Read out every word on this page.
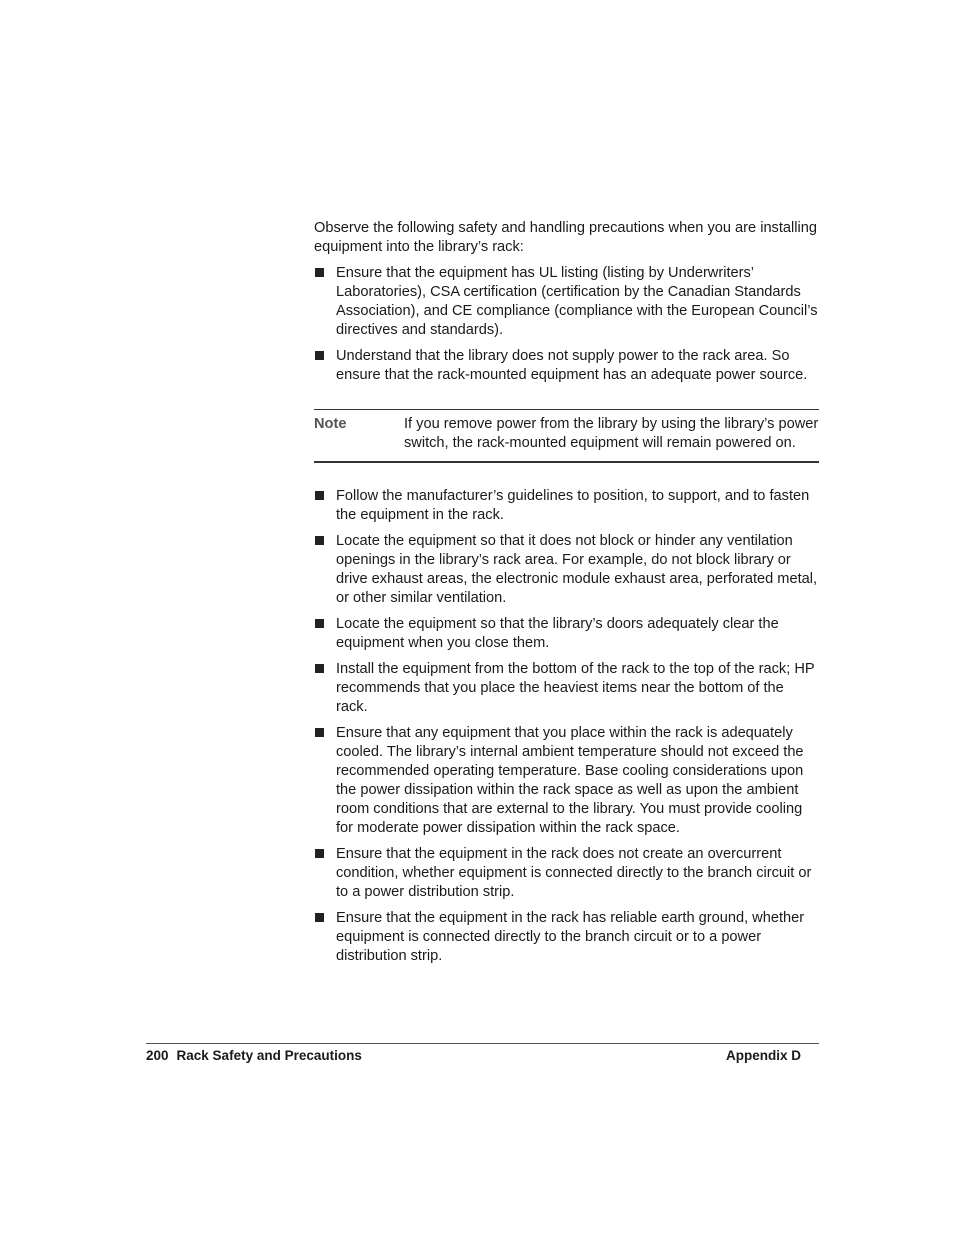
Observe the following safety and handling precautions when you are installing equipment into the library’s rack:

Ensure that the equipment has UL listing (listing by Underwriters’ Laboratories), CSA certification (certification by the Canadian Standards Association), and CE compliance (compliance with the European Council’s directives and standards).
Understand that the library does not supply power to the rack area. So ensure that the rack-mounted equipment has an adequate power source.
Note	If you remove power from the library by using the library’s power switch, the rack-mounted equipment will remain powered on.
Follow the manufacturer’s guidelines to position, to support, and to fasten the equipment in the rack.
Locate the equipment so that it does not block or hinder any ventilation openings in the library’s rack area. For example, do not block library or drive exhaust areas, the electronic module exhaust area, perforated metal, or other similar ventilation.
Locate the equipment so that the library’s doors adequately clear the equipment when you close them.
Install the equipment from the bottom of the rack to the top of the rack; HP recommends that you place the heaviest items near the bottom of the rack.
Ensure that any equipment that you place within the rack is adequately cooled. The library’s internal ambient temperature should not exceed the recommended operating temperature. Base cooling considerations upon the power dissipation within the rack space as well as upon the ambient room conditions that are external to the library. You must provide cooling for moderate power dissipation within the rack space.
Ensure that the equipment in the rack does not create an overcurrent condition, whether equipment is connected directly to the branch circuit or to a power distribution strip.
Ensure that the equipment in the rack has reliable earth ground, whether equipment is connected directly to the branch circuit or to a power distribution strip.
200 Rack Safety and Precautions	Appendix D
